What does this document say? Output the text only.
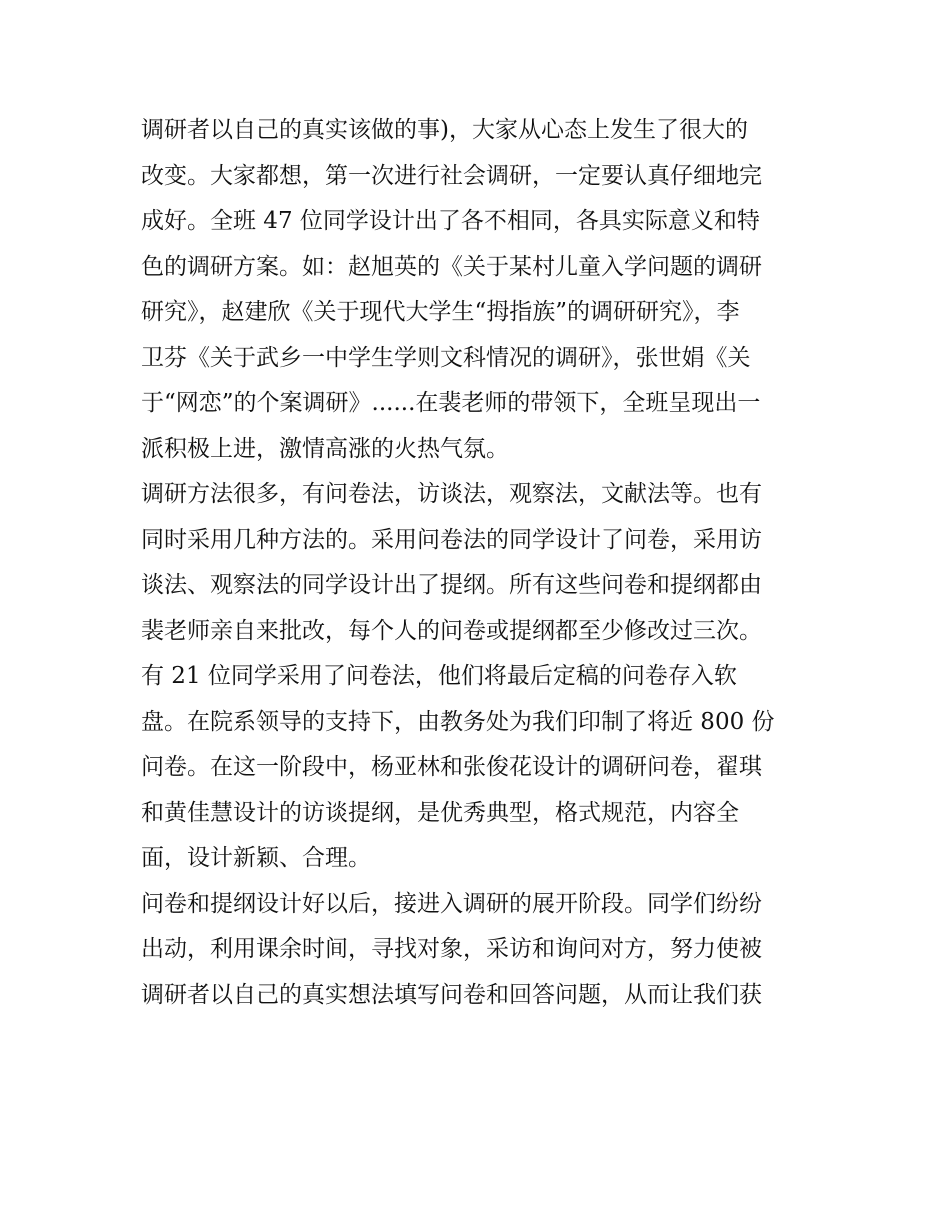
调研者以自己的真实该做的事)，大家从心态上发生了很大的
改变。大家都想，第一次进行社会调研，一定要认真仔细地完
成好。全班 47 位同学设计出了各不相同，各具实际意义和特
色的调研方案。如：赵旭英的《关于某村儿童入学问题的调研
研究》，赵建欣《关于现代大学生“拇指族”的调研研究》，李
卫芬《关于武乡一中学生学则文科情况的调研》，张世娟《关
于“网恋”的个案调研》......在裴老师的带领下，全班呈现出一
派积极上进，激情高涨的火热气氛。
调研方法很多，有问卷法，访谈法，观察法，文献法等。也有
同时采用几种方法的。采用问卷法的同学设计了问卷，采用访
谈法、观察法的同学设计出了提纲。所有这些问卷和提纲都由
裴老师亲自来批改，每个人的问卷或提纲都至少修改过三次。
有 21 位同学采用了问卷法，他们将最后定稿的问卷存入软
盘。在院系领导的支持下，由教务处为我们印制了将近 800 份
问卷。在这一阶段中，杨亚林和张俊花设计的调研问卷，翟琪
和黄佳慧设计的访谈提纲，是优秀典型，格式规范，内容全
面，设计新颖、合理。
问卷和提纲设计好以后，接进入调研的展开阶段。同学们纷纷
出动，利用课余时间，寻找对象，采访和询问对方，努力使被
调研者以自己的真实想法填写问卷和回答问题，从而让我们获
